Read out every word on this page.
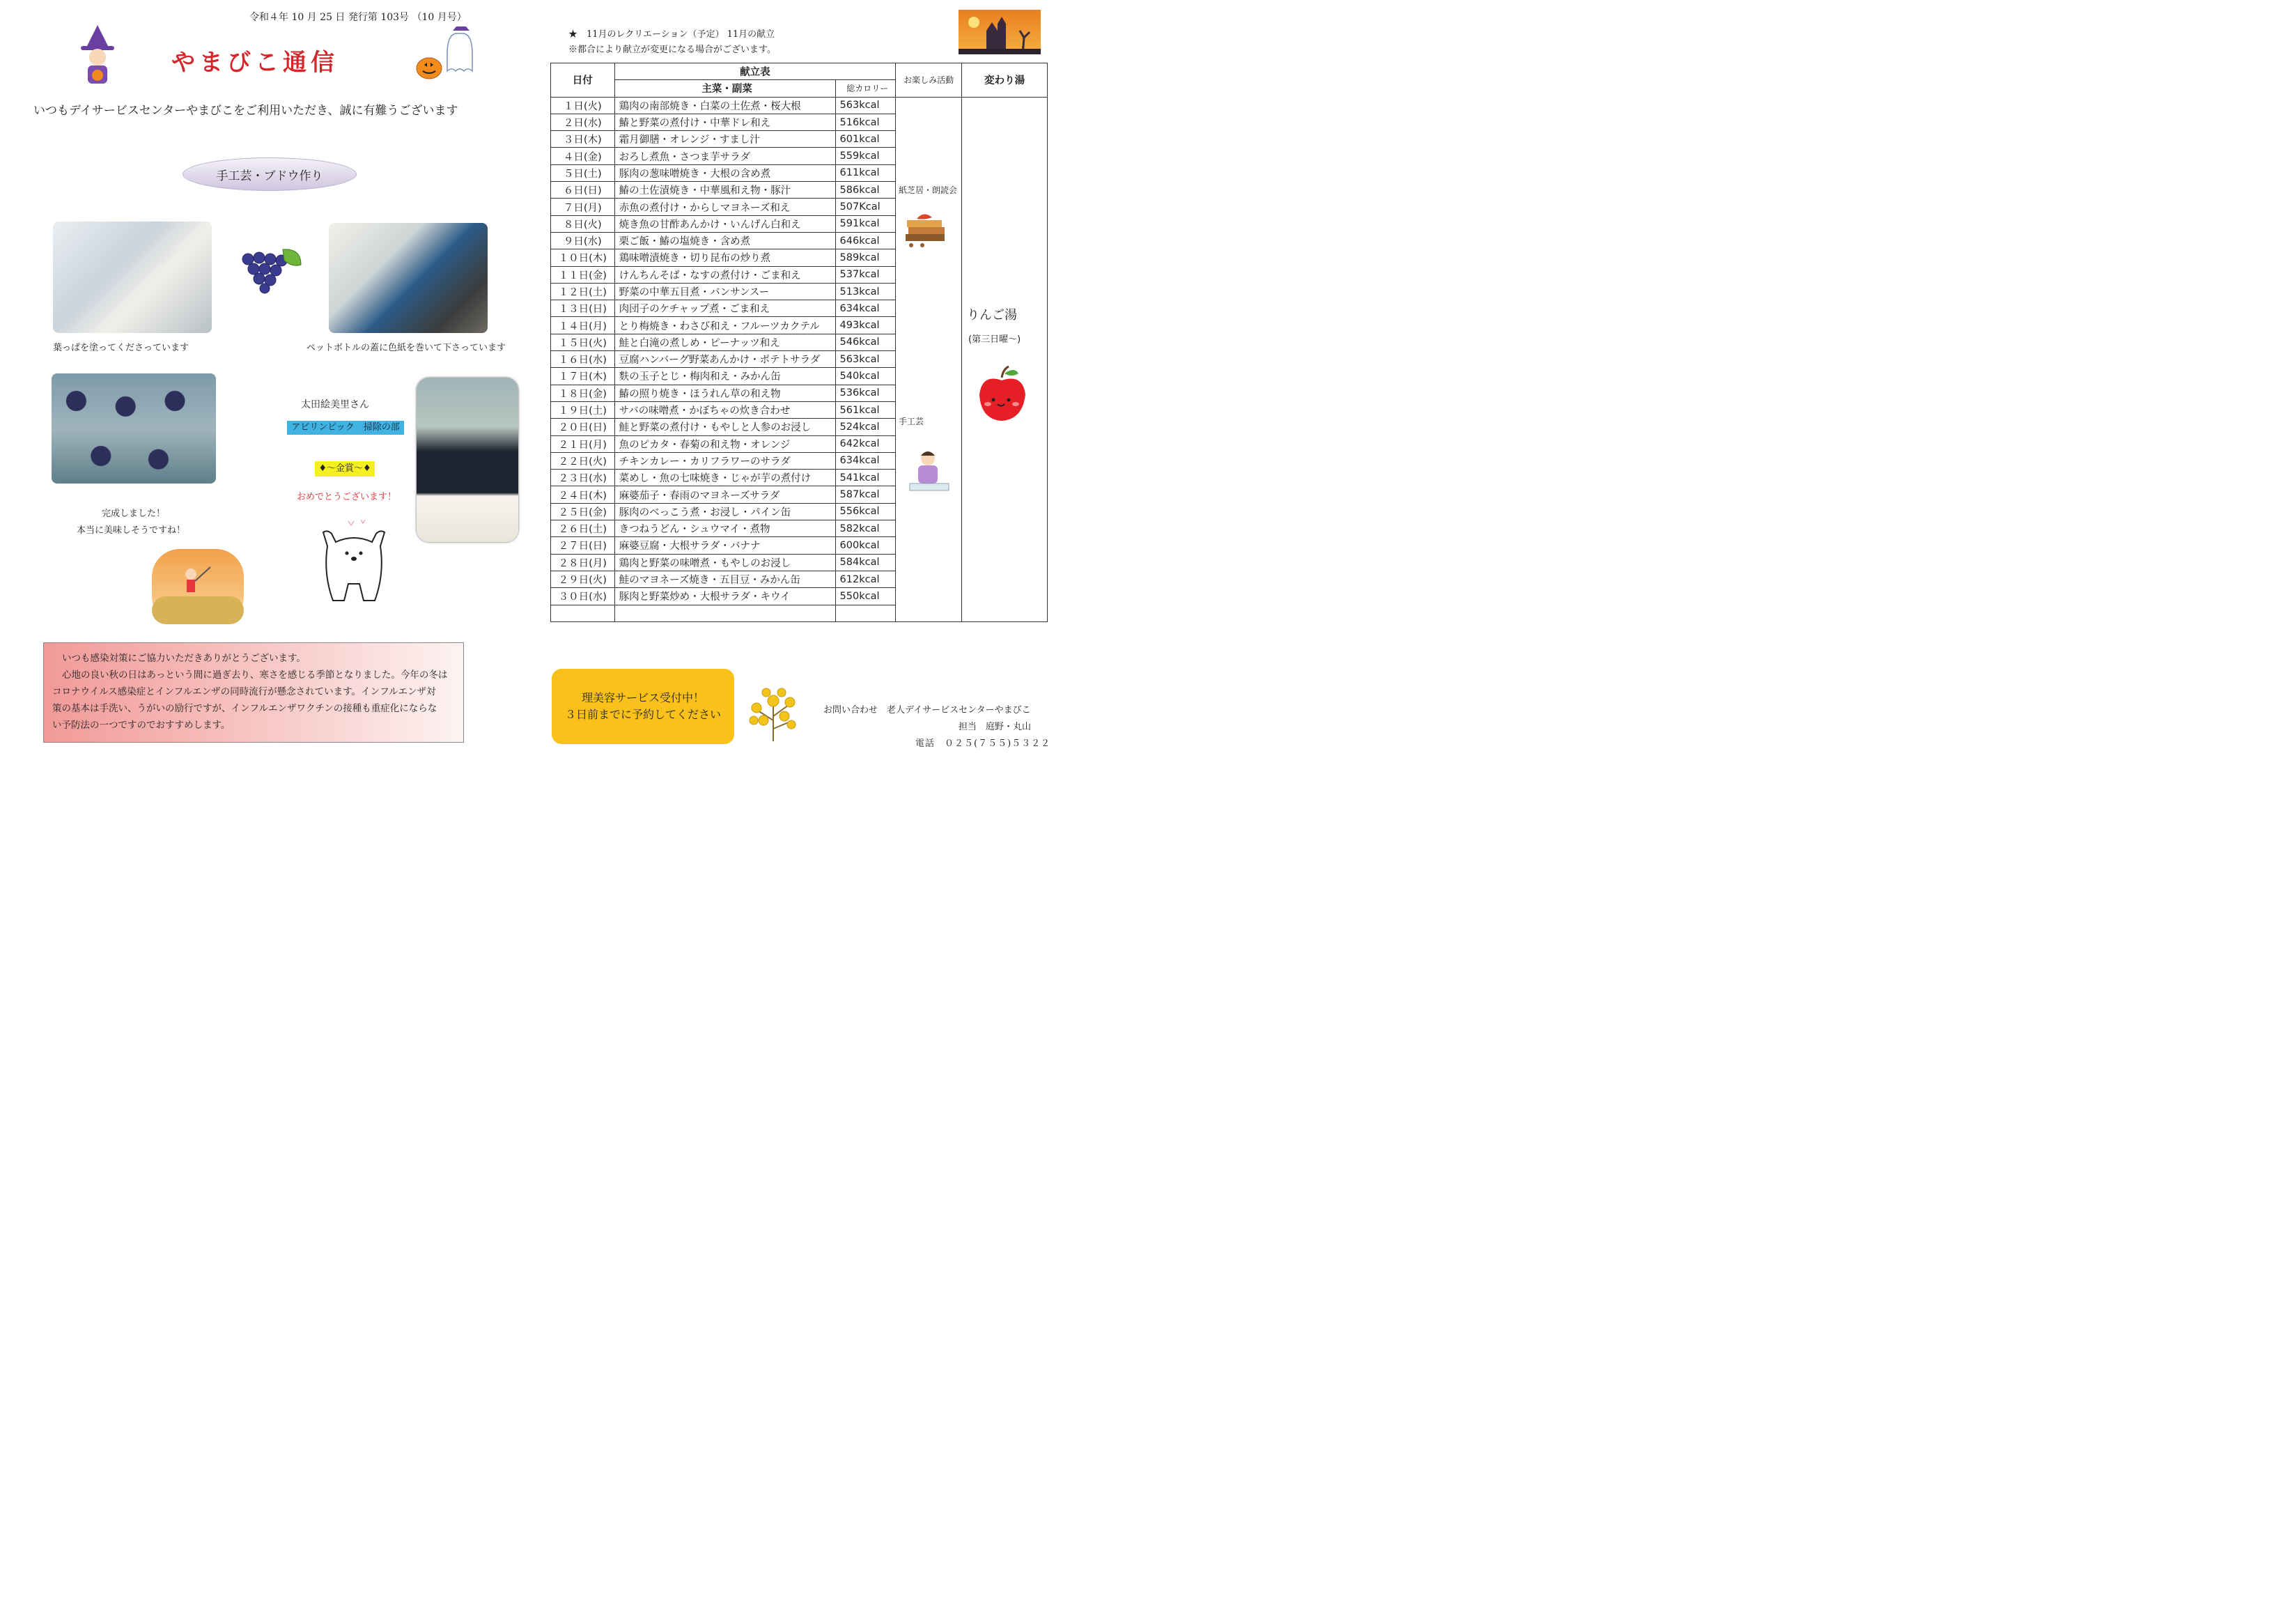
令和４年 10 月 25 日 発行第 103号 （10 月号）
やまびこ通信
いつもデイサービスセンターやまびこをご利用いただき、誠に有難うございます
手工芸・ブドウ作り
葉っぱを塗ってくださっています	ペットボトルの蓋に色紙を巻いて下さっています
完成しました！
本当に美味しそうですね！
太田絵美里さん
アビリンピック　掃除の部
♦～金賞～♦
おめでとうございます！
いつも感染対策にご協力いただきありがとうございます。
心地の良い秋の日はあっという間に過ぎ去り、寒さを感じる季節となりました。今年の冬は
コロナウイルス感染症とインフルエンザの同時流行が懸念されています。インフルエンザ対
策の基本は手洗い、うがいの励行ですが、インフルエンザワクチンの接種も重症化にならな
い予防法の一つですのでおすすめします。
★　11月のレクリエーション（予定） 11月の献立
※都合により献立が変更になる場合がございます。
日付	献立表		お楽しみ活動	変わり湯
	主菜・副菜	総カロリー		
１日(火)	鶏肉の南部焼き・白菜の土佐煮・桜大根	563kcal		
２日(水)	鰆と野菜の煮付け・中華ドレ和え	516kcal		
３日(木)	霜月御膳・オレンジ・すまし汁	601kcal		
４日(金)	おろし煮魚・さつま芋サラダ	559kcal		
５日(土)	豚肉の葱味噌焼き・大根の含め煮	611kcal		
６日(日)	鰆の土佐漬焼き・中華風和え物・豚汁	586kcal		
７日(月)	赤魚の煮付け・からしマヨネーズ和え	507Kcal		
８日(火)	焼き魚の甘酢あんかけ・いんげん白和え	591kcal		
９日(水)	栗ご飯・鰆の塩焼き・含め煮	646kcal		
１０日(木)	鶏味噌漬焼き・切り昆布の炒り煮	589kcal		
１１日(金)	けんちんそば・なすの煮付け・ごま和え	537kcal		
１２日(土)	野菜の中華五目煮・バンサンスー	513kcal		
１３日(日)	肉団子のケチャップ煮・ごま和え	634kcal		
１４日(月)	とり梅焼き・わさび和え・フルーツカクテル	493kcal		
１５日(火)	鮭と白滝の煮しめ・ピーナッツ和え	546kcal		
１６日(水)	豆腐ハンバーグ野菜あんかけ・ポテトサラダ	563kcal		
１７日(木)	麩の玉子とじ・梅肉和え・みかん缶	540kcal		
１８日(金)	鰆の照り焼き・ほうれん草の和え物	536kcal		
１９日(土)	サバの味噌煮・かぼちゃの炊き合わせ	561kcal		
２０日(日)	鮭と野菜の煮付け・もやしと人参のお浸し	524kcal		
２１日(月)	魚のピカタ・春菊の和え物・オレンジ	642kcal		
２２日(火)	チキンカレー・カリフラワーのサラダ	634kcal		
２３日(水)	菜めし・魚の七味焼き・じゃが芋の煮付け	541kcal		
２４日(木)	麻婆茄子・春雨のマヨネーズサラダ	587kcal		
２５日(金)	豚肉のべっこう煮・お浸し・パイン缶	556kcal		
２６日(土)	きつねうどん・シュウマイ・煮物	582kcal		
２７日(日)	麻婆豆腐・大根サラダ・バナナ	600kcal		
２８日(月)	鶏肉と野菜の味噌煮・もやしのお浸し	584kcal		
２９日(火)	鮭のマヨネーズ焼き・五目豆・みかん缶	612kcal		
３０日(水)	豚肉と野菜炒め・大根サラダ・キウイ	550kcal		

紙芝居・朗読会
手工芸
りんご湯
(第三日曜～)
理美容サービス受付中！
３日前までに予約してください	お問い合わせ　老人デイサービスセンターやまびこ
担当　庭野・丸山
電話　０２５(７５５)５３２２
